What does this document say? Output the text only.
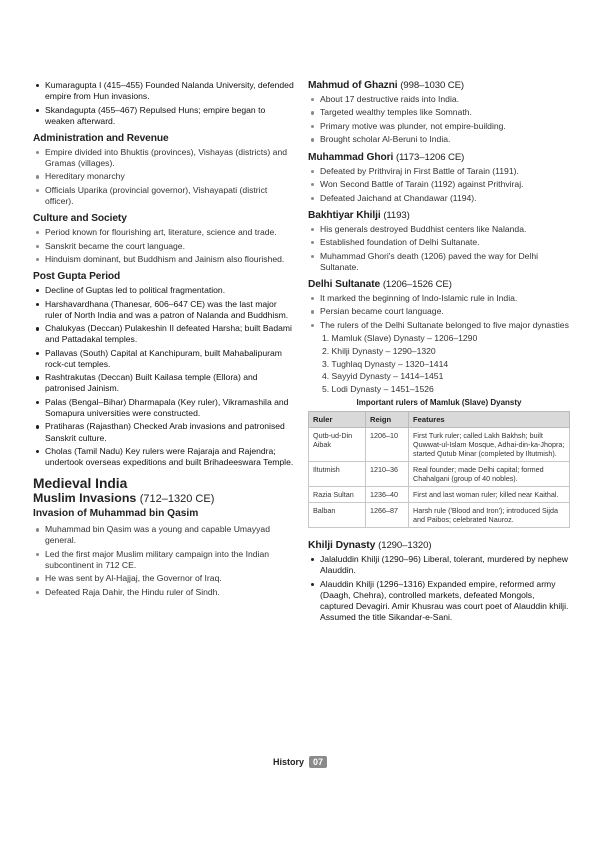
Kumaragupta I (415–455) Founded Nalanda University, defended empire from Hun invasions.
Skandagupta (455–467) Repulsed Huns; empire began to weaken afterward.
Administration and Revenue
Empire divided into Bhuktis (provinces), Vishayas (districts) and Gramas (villages).
Hereditary monarchy
Officials Uparika (provincial governor), Vishayapati (district officer).
Culture and Society
Period known for flourishing art, literature, science and trade.
Sanskrit became the court language.
Hinduism dominant, but Buddhism and Jainism also flourished.
Post Gupta Period
Decline of Guptas led to political fragmentation.
Harshavardhana (Thanesar, 606–647 CE) was the last major ruler of North India and was a patron of Nalanda and Buddhism.
Chalukyas (Deccan) Pulakeshin II defeated Harsha; built Badami and Pattadakal temples.
Pallavas (South) Capital at Kanchipuram, built Mahabalipuram rock-cut temples.
Rashtrakutas (Deccan) Built Kailasa temple (Ellora) and patronised Jainism.
Palas (Bengal–Bihar) Dharmapala (Key ruler), Vikramashila and Somapura universities were constructed.
Pratiharas (Rajasthan) Checked Arab invasions and patronised Sanskrit culture.
Cholas (Tamil Nadu) Key rulers were Rajaraja and Rajendra; undertook overseas expeditions and built Brihadeeswara Temple.
Medieval India
Muslim Invasions (712–1320 CE)
Invasion of Muhammad bin Qasim
Muhammad bin Qasim was a young and capable Umayyad general.
Led the first major Muslim military campaign into the Indian subcontinent in 712 CE.
He was sent by Al-Hajjaj, the Governor of Iraq.
Defeated Raja Dahir, the Hindu ruler of Sindh.
Mahmud of Ghazni (998–1030 CE)
About 17 destructive raids into India.
Targeted wealthy temples like Somnath.
Primary motive was plunder, not empire-building.
Brought scholar Al-Beruni to India.
Muhammad Ghori (1173–1206 CE)
Defeated by Prithviraj in First Battle of Tarain (1191).
Won Second Battle of Tarain (1192) against Prithviraj.
Defeated Jaichand at Chandawar (1194).
Bakhtiyar Khilji (1193)
His generals destroyed Buddhist centers like Nalanda.
Established foundation of Delhi Sultanate.
Muhammad Ghori's death (1206) paved the way for Delhi Sultanate.
Delhi Sultanate (1206–1526 CE)
It marked the beginning of Indo-Islamic rule in India.
Persian became court language.
The rulers of the Delhi Sultanate belonged to five major dynasties
1. Mamluk (Slave) Dynasty – 1206–1290
2. Khilji Dynasty – 1290–1320
3. Tughlaq Dynasty – 1320–1414
4. Sayyid Dynasty – 1414–1451
5. Lodi Dynasty – 1451–1526
Important rulers of Mamluk (Slave) Dyansty
Ruler	Reign	Features
Qutb-ud-Din Aibak	1206–10	First Turk ruler; called Lakh Bakhsh; built Quwwat-ul-Islam Mosque, Adhai-din-ka-Jhopra; started Qutub Minar (completed by Iltutmish).
Iltutmish	1210–36	Real founder; made Delhi capital; formed Chahalgani (group of 40 nobles).
Razia Sultan	1236–40	First and last woman ruler; killed near Kaithal.
Balban	1266–87	Harsh rule ('Blood and Iron'); introduced Sijda and Paibos; celebrated Nauroz.
Khilji Dynasty (1290–1320)
Jalaluddin Khilji (1290–96) Liberal, tolerant, murdered by nephew Alauddin.
Alauddin Khilji (1296–1316) Expanded empire, reformed army (Daagh, Chehra), controlled markets, defeated Mongols, captured Devagiri. Amir Khusrau was court poet of Alauddin khilji. Assumed the title Sikandar-e-Sani.
History 07
